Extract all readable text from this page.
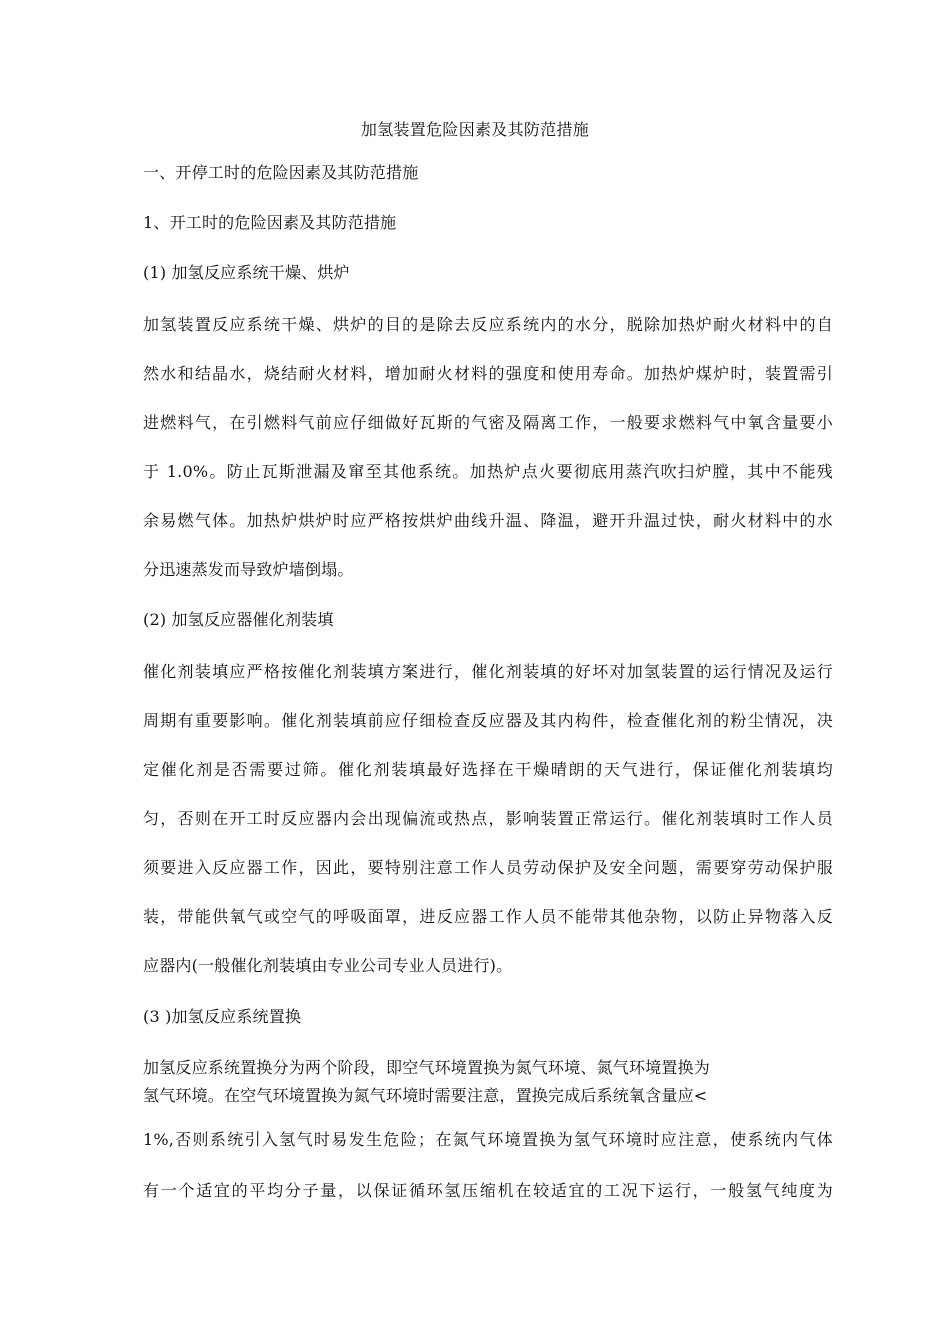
加氢装置危险因素及其防范措施
一、开停工时的危险因素及其防范措施
1、开工时的危险因素及其防范措施
(1) 加氢反应系统干燥、烘炉
加氢装置反应系统干燥、烘炉的目的是除去反应系统内的水分，脱除加热炉耐火材料中的自
然水和结晶水，烧结耐火材料，增加耐火材料的强度和使用寿命。加热炉煤炉时，装置需引
进燃料气，在引燃料气前应仔细做好瓦斯的气密及隔离工作，一般要求燃料气中氧含量要小
于 1.0%。防止瓦斯泄漏及窜至其他系统。加热炉点火要彻底用蒸汽吹扫炉膛，其中不能残
余易燃气体。加热炉烘炉时应严格按烘炉曲线升温、降温，避开升温过快，耐火材料中的水
分迅速蒸发而导致炉墙倒塌。
(2) 加氢反应器催化剂装填
催化剂装填应严格按催化剂装填方案进行，催化剂装填的好坏对加氢装置的运行情况及运行
周期有重要影响。催化剂装填前应仔细检查反应器及其内构件，检查催化剂的粉尘情况，决
定催化剂是否需要过筛。催化剂装填最好选择在干燥晴朗的天气进行，保证催化剂装填均
匀，否则在开工时反应器内会出现偏流或热点，影响装置正常运行。催化剂装填时工作人员
须要进入反应器工作，因此，要特别注意工作人员劳动保护及安全问题，需要穿劳动保护服
装，带能供氧气或空气的呼吸面罩，进反应器工作人员不能带其他杂物，以防止异物落入反
应器内(一般催化剂装填由专业公司专业人员进行)。
(3 )加氢反应系统置换
加氢反应系统置换分为两个阶段，即空气环境置换为氮气环境、氮气环境置换为
氢气环境。在空气环境置换为氮气环境时需要注意，置换完成后系统氧含量应<
1%,否则系统引入氢气时易发生危险；在氮气环境置换为氢气环境时应注意，使系统内气体
有一个适宜的平均分子量，以保证循环氢压缩机在较适宜的工况下运行，一般氢气纯度为
